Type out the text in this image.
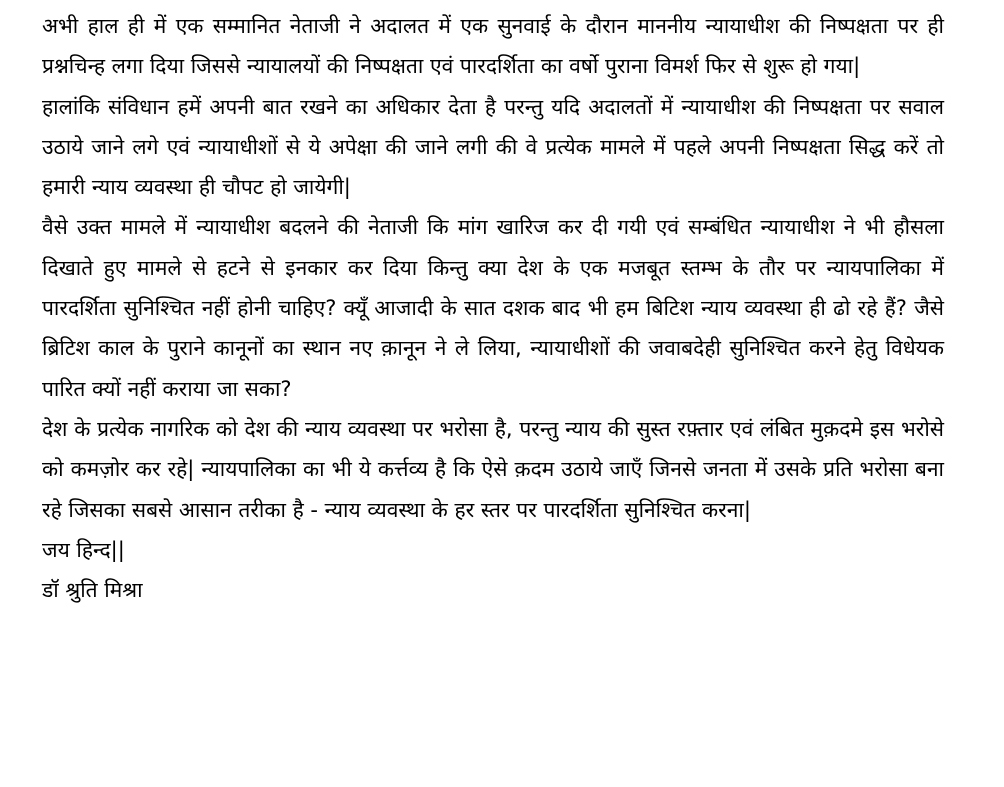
अभी हाल ही में एक सम्मानित नेताजी ने अदालत में एक सुनवाई के दौरान माननीय न्यायाधीश की निष्पक्षता पर ही प्रश्नचिन्ह लगा दिया जिससे न्यायालयों की निष्पक्षता एवं पारदर्शिता का वर्षो पुराना विमर्श फिर से शुरू हो गया|

हालांकि संविधान हमें अपनी बात रखने का अधिकार देता है परन्तु यदि अदालतों में न्यायाधीश की निष्पक्षता पर सवाल उठाये जाने लगे एवं न्यायाधीशों से ये अपेक्षा की जाने लगी की वे प्रत्येक मामले में पहले अपनी निष्पक्षता सिद्ध करें तो हमारी न्याय व्यवस्था ही चौपट हो जायेगी|

वैसे उक्त मामले में न्यायाधीश बदलने की नेताजी कि मांग खारिज कर दी गयी एवं सम्बंधित न्यायाधीश ने भी हौसला दिखाते हुए मामले से हटने से इनकार कर दिया किन्तु क्या देश के एक मजबूत स्तम्भ के तौर पर न्यायपालिका में पारदर्शिता सुनिश्चित नहीं होनी चाहिए? क्यूँ आजादी के सात दशक बाद भी हम बिटिश न्याय व्यवस्था ही ढो रहे हैं? जैसे ब्रिटिश काल के पुराने कानूनों का स्थान नए क़ानून ने ले लिया, न्यायाधीशों की जवाबदेही सुनिश्चित करने हेतु विधेयक पारित क्यों नहीं कराया जा सका?

देश के प्रत्येक नागरिक को देश की न्याय व्यवस्था पर भरोसा है, परन्तु न्याय की सुस्त रफ़्तार एवं लंबित मुक़दमे इस भरोसे को कमज़ोर कर रहे| न्यायपालिका का भी ये कर्त्तव्य है कि ऐसे क़दम उठाये जाएँ जिनसे जनता में उसके प्रति भरोसा बना रहे जिसका सबसे आसान तरीका है - न्याय व्यवस्था के हर स्तर पर पारदर्शिता सुनिश्चित करना|

जय हिन्द||

डॉ श्रुति मिश्रा
